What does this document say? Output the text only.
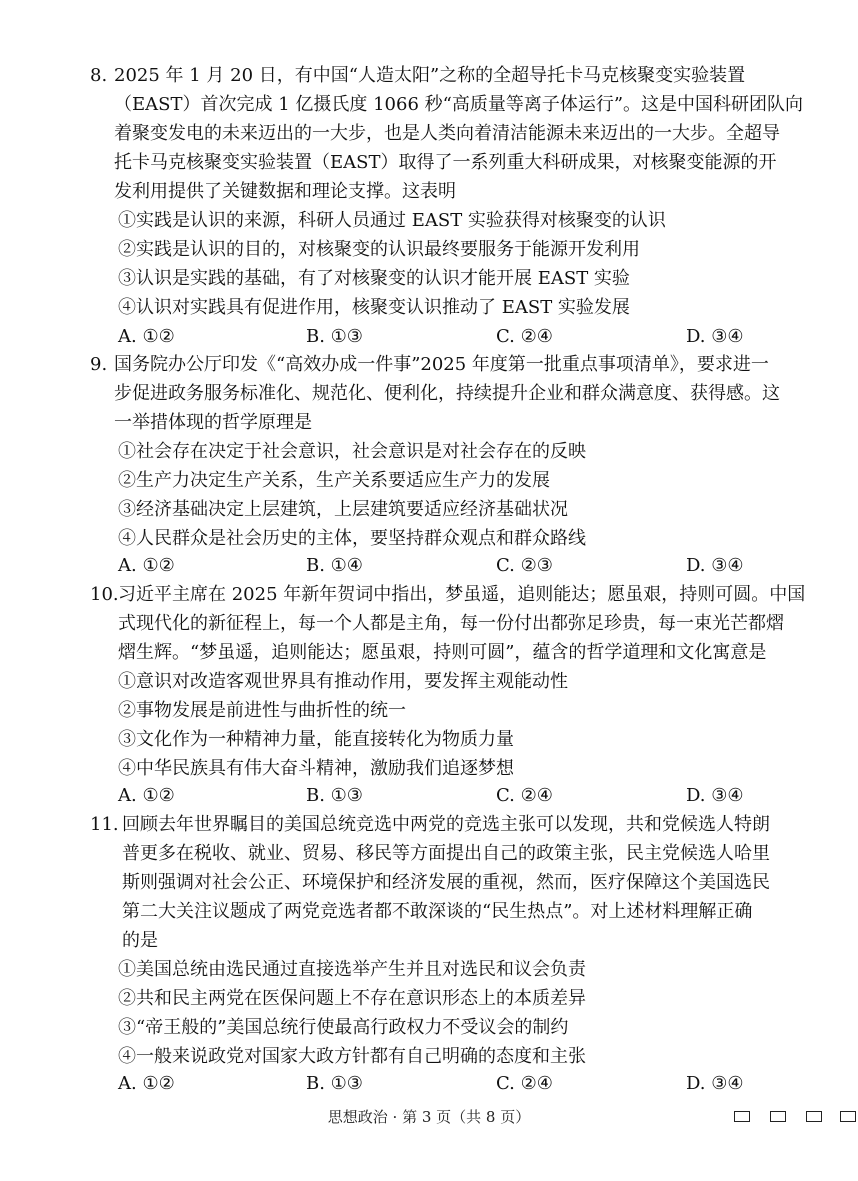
8. 2025 年 1 月 20 日，有中国“人造太阳”之称的全超导托卡马克核聚变实验装置
（EAST）首次完成 1 亿摄氏度 1066 秒“高质量等离子体运行”。这是中国科研团队向
着聚变发电的未来迈出的一大步，也是人类向着清洁能源未来迈出的一大步。全超导
托卡马克核聚变实验装置（EAST）取得了一系列重大科研成果，对核聚变能源的开
发利用提供了关键数据和理论支撑。这表明
①实践是认识的来源，科研人员通过 EAST 实验获得对核聚变的认识
②实践是认识的目的，对核聚变的认识最终要服务于能源开发利用
③认识是实践的基础，有了对核聚变的认识才能开展 EAST 实验
④认识对实践具有促进作用，核聚变认识推动了 EAST 实验发展
A. ①②	B. ①③	C. ②④	D. ③④
9. 国务院办公厅印发《“高效办成一件事”2025 年度第一批重点事项清单》，要求进一
步促进政务服务标准化、规范化、便利化，持续提升企业和群众满意度、获得感。这
一举措体现的哲学原理是
①社会存在决定于社会意识，社会意识是对社会存在的反映
②生产力决定生产关系，生产关系要适应生产力的发展
③经济基础决定上层建筑，上层建筑要适应经济基础状况
④人民群众是社会历史的主体，要坚持群众观点和群众路线
A. ①②	B. ①④	C. ②③	D. ③④
10. 习近平主席在 2025 年新年贺词中指出，梦虽遥，追则能达；愿虽艰，持则可圆。中国
式现代化的新征程上，每一个人都是主角，每一份付出都弥足珍贵，每一束光芒都熠
熠生辉。“梦虽遥，追则能达；愿虽艰，持则可圆”，蕴含的哲学道理和文化寓意是
①意识对改造客观世界具有推动作用，要发挥主观能动性
②事物发展是前进性与曲折性的统一
③文化作为一种精神力量，能直接转化为物质力量
④中华民族具有伟大奋斗精神，激励我们追逐梦想
A. ①②	B. ①③	C. ②④	D. ③④
11. 回顾去年世界瞩目的美国总统竞选中两党的竞选主张可以发现，共和党候选人特朗
普更多在税收、就业、贸易、移民等方面提出自己的政策主张，民主党候选人哈里
斯则强调对社会公正、环境保护和经济发展的重视，然而，医疗保障这个美国选民
第二大关注议题成了两党竞选者都不敢深谈的“民生热点”。对上述材料理解正确
的是
①美国总统由选民通过直接选举产生并且对选民和议会负责
②共和民主两党在医保问题上不存在意识形态上的本质差异
③“帝王般的”美国总统行使最高行政权力不受议会的制约
④一般来说政党对国家大政方针都有自己明确的态度和主张
A. ①②	B. ①③	C. ②④	D. ③④
思想政治 · 第 3 页（共 8 页）
